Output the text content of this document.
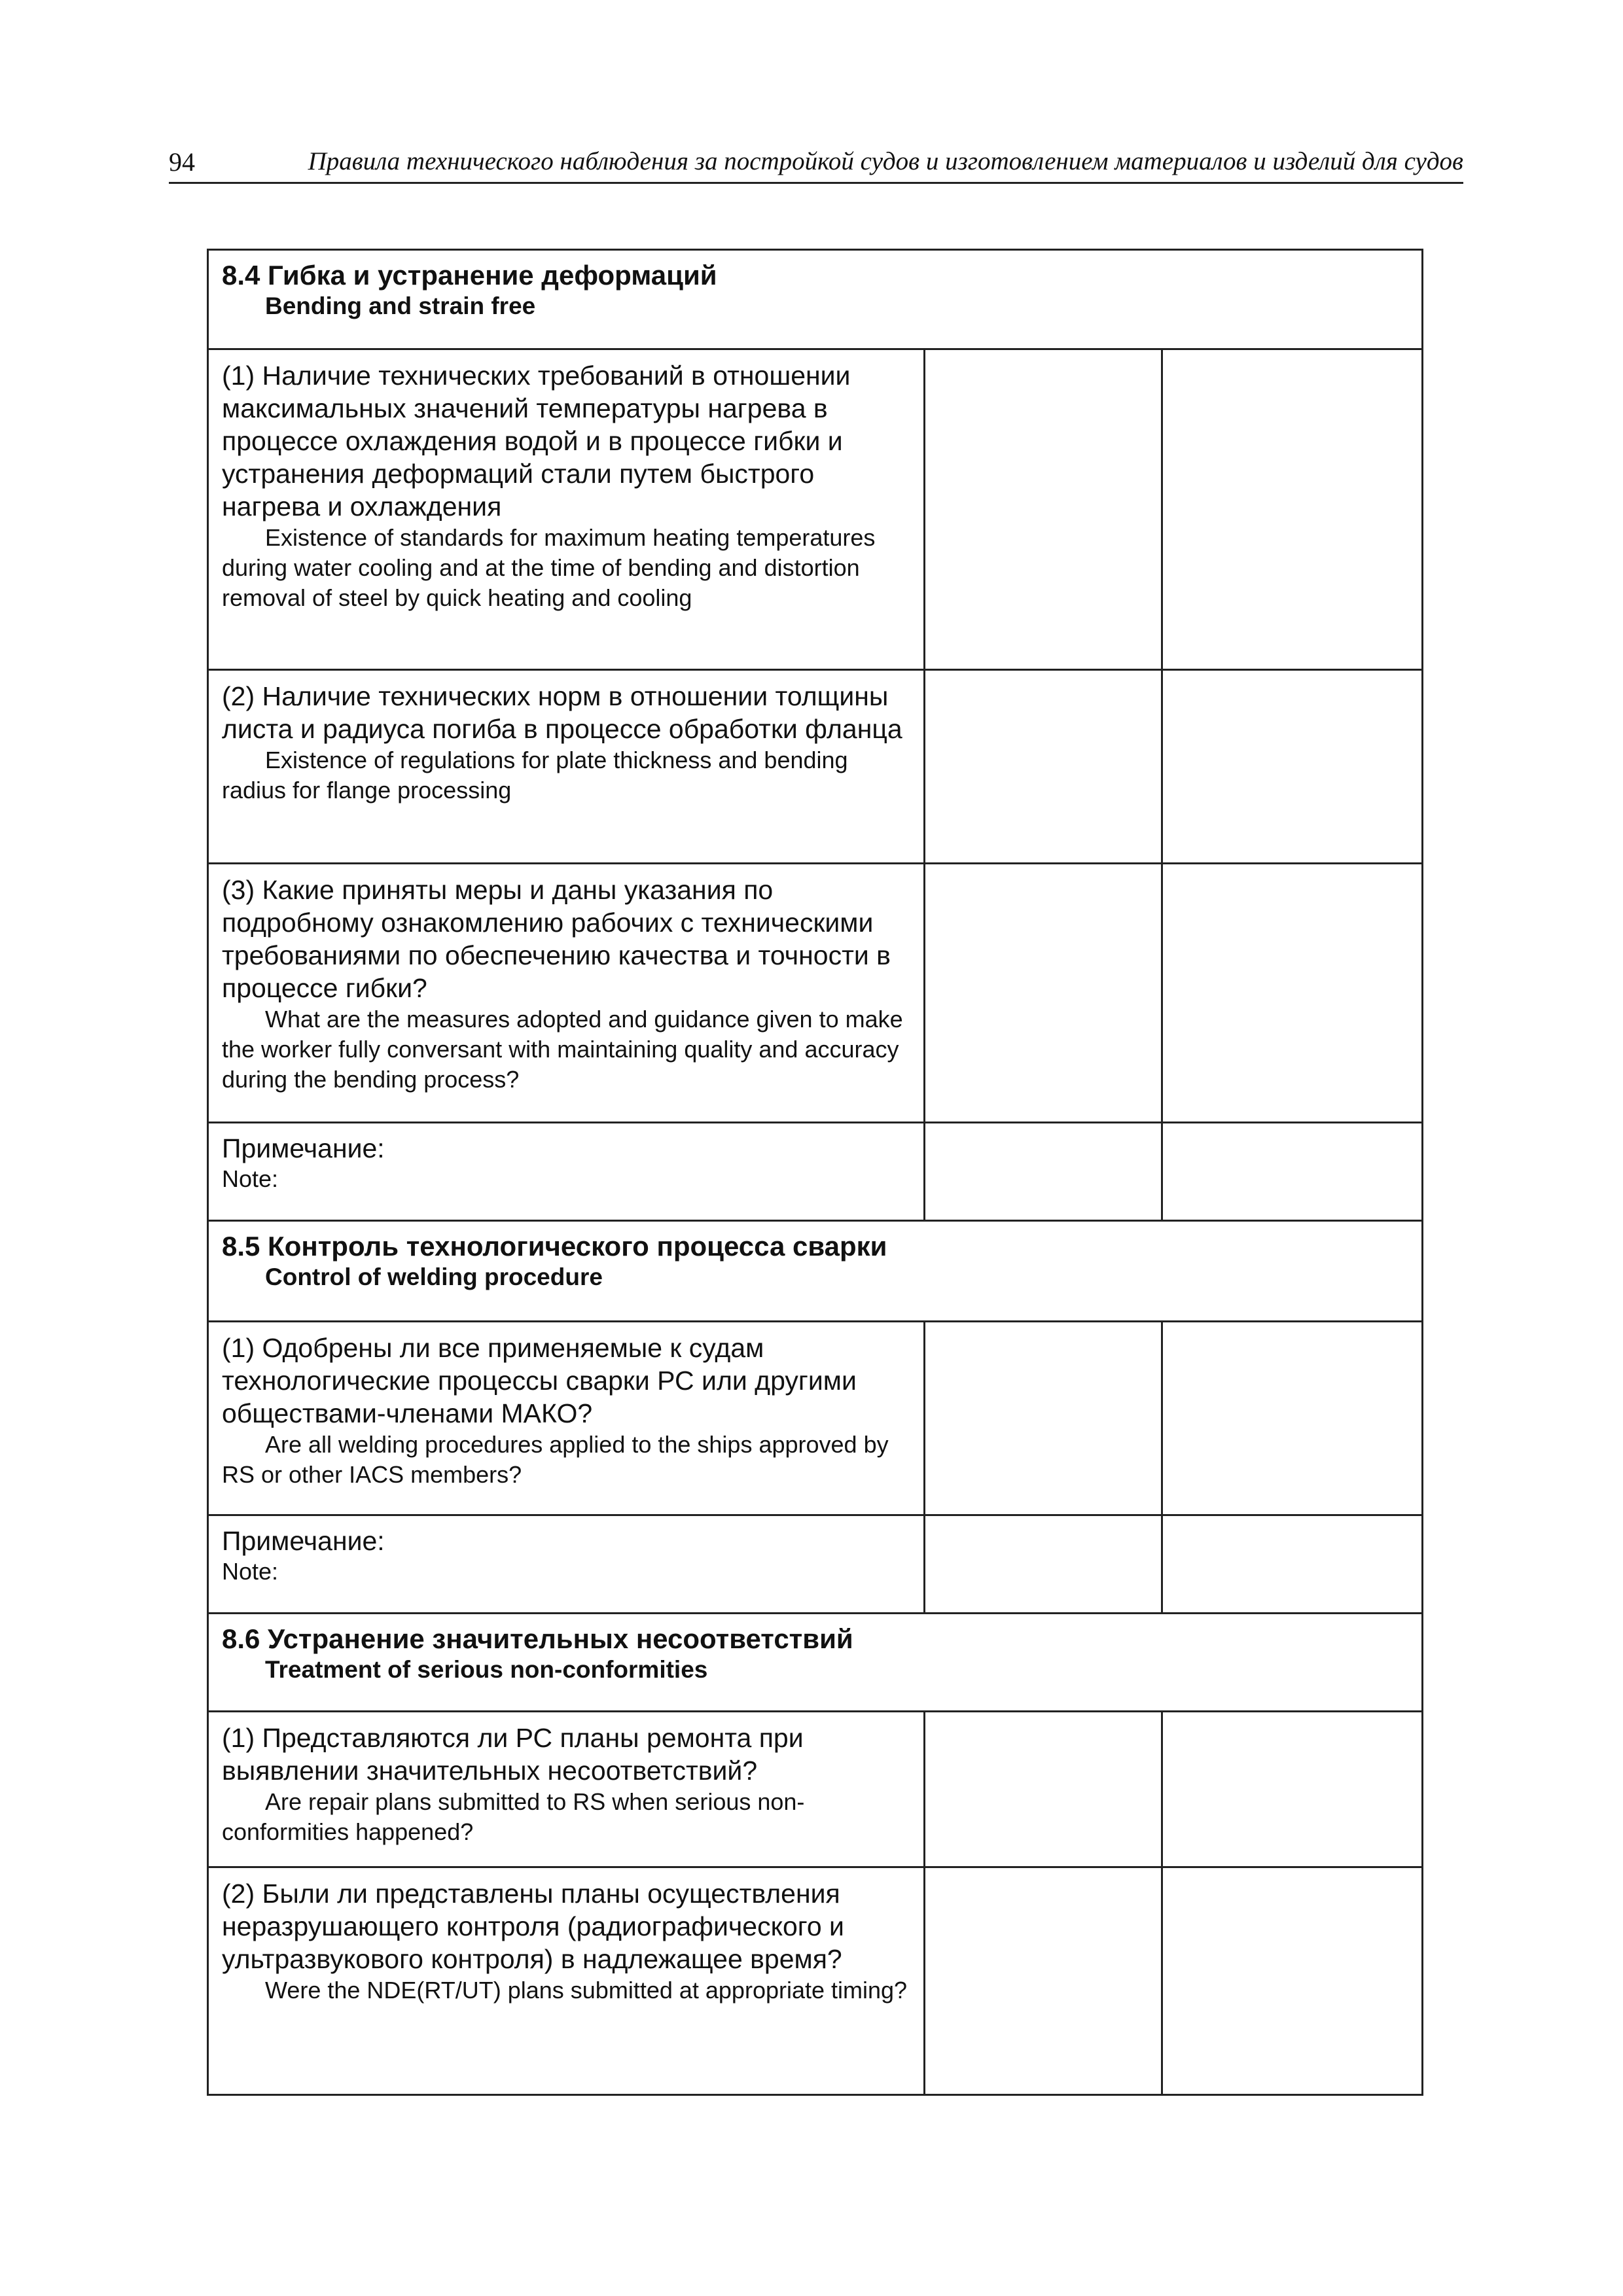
94	Правила технического наблюдения за постройкой судов и изготовлением материалов и изделий для судов
8.4 Гибка и устранение деформаций
Bending and strain free		

(1) Наличие технических требований в отношении максимальных значений температуры нагрева в процессе охлаждения водой и в процессе гибки и устранения деформаций стали путем быстрого нагрева и охлаждения
Existence of standards for maximum heating temperatures during water cooling and at the time of bending and distortion removal of steel by quick heating and cooling		

(2) Наличие технических норм в отношении толщины листа и радиуса погиба в процессе обработки фланца
Existence of regulations for plate thickness and bending radius for flange processing		

(3) Какие приняты меры и даны указания по подробному ознакомлению рабочих с техническими требованиями по обеспечению качества и точности в процессе гибки?
What are the measures adopted and guidance given to make the worker fully conversant with maintaining quality and accuracy during the bending process?		

Примечание:
Note:		

8.5 Контроль технологического процесса сварки
Control of welding procedure		

(1) Одобрены ли все применяемые к судам технологические процессы сварки РС или другими обществами-членами МАКО?
Are all welding procedures applied to the ships approved by RS or other IACS members?		

Примечание:
Note:		

8.6 Устранение значительных несоответствий
Treatment of serious non-conformities		

(1) Представляются ли РС планы ремонта при выявлении значительных несоответствий?
Are repair plans submitted to RS when serious non-conformities happened?		

(2) Были ли представлены планы осуществления неразрушающего контроля (радиографического и ультразвукового контроля) в надлежащее время?
Were the NDE(RT/UT) plans submitted at appropriate timing?		
